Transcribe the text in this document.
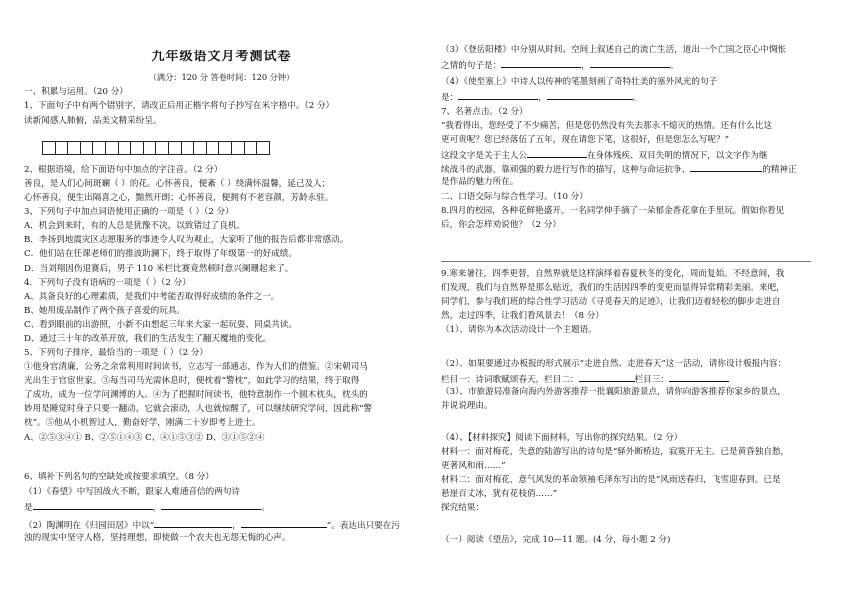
九年级语文月考测试卷
（满分：120 分 答卷时间：120 分钟）
一、积累与运用。（20 分）
1、下面句子中有两个错别字，请改正后用正楷字将句子抄写在米字格中。（2 分）
读新闻感人肺俯，品美文精采纷呈。
2、根据语境，给下面语句中加点的字注音。（2 分）
善良，是人们心间斑斓（ ）的花。心怀善良，便紊（ ）绕满怀温馨，延己及人；
心怀善良，便生出隔喜之心，黯然开朗；心怀善良，便拥有不老容颜，芳龄永驻。
3、下列句子中加点词语使用正确的一项是（ ）（2 分）
A．机会到来时，有的人总是犹豫不决，以致错过了良机。
B．李扬到地震灾区志愿服务的事迹令人叹为观止，大家听了他的报告后都非常感动。
C．他们站在任课老师们的推波助澜下，终于取得了年级第一的好成绩。
D．当刘翔因伤退赛后，男子 110 米栏比赛竟然顿时意兴阑珊起来了。
4．下列句子没有语病的一项是（ ）（2 分）
A、具备良好的心理素质，是我们中考能否取得好成绩的条件之一。
B、她用废品制作了两个孩子喜爱的玩具。
C、看到眼前的出游照，小新不由想起三年来大家一起玩耍、同桌共读。
D、通过三十年的改革开放，我们的生活发生了翻天覆地的变化。
5、下列句子排序，最恰当的一项是（ ）（2 分）
①他身官清廉，公务之余常利用时间读书，立志写一部通志，作为人们的借鉴。②宋朝司马
光出生于官宦世家。③每当司马光需休息时，便枕着“警枕”，如此学习的结果，终于取得
了成功，成为一位学问渊博的人。④为了把握时间读书，他特意制作一个圆木枕头，枕头的
妙用是睡觉时身子只要一翻动，它就会滚动，人也就惊醒了，可以继续研究学问，因此称“警
枕”。⑤他从小机智过人，勤奋好学，刚满二十岁即考上进士。
A、②⑤③④① B、②⑤①④③ C、④①⑤③② D、③①⑤②④
6、填补下列名句的空缺处或按要求填空。（8 分）
（1）《春望》中写因战火不断，跟家人难通音信的两句诗
是	，	。
（2）陶渊明在《归园田居》中以“	，	”。表达出只要在污
浊的现实中坚守人格，坚持理想，即使做一个农夫也无怨无悔的心声。
（3）《登岳阳楼》中分别从时间、空间上叙述自己的流亡生活，道出一个亡国之臣心中惆怅
之情的句子是：	，	。
（4）《使至塞上》中诗人以传神的笔墨刻画了奇特壮美的塞外风光的句子
是：	，	。
7、名著点击。（2 分）
“我看得出，您经受了不少痛苦，但是您仍然没有失去那永不熄灭的热情。还有什么比这
更可贵呢？您已经落伍了五年，现在请您下笔，这很好，但是您怎么写呢？”
这段文字是关于主人公	在身体残疾、双目失明的情况下，以文字作为继
续战斗的武器，靠顽强的毅力进行写作的描写，这种与命运抗争、	的精神正
是作品的魅力所在。
二、口语交际与综合性学习。（10 分）
8.四月的校园，各种花鲜艳盛开。一名同学伸手摘了一朵郁金香花拿在手里玩。假如你看见
后，你会怎样劝说他？（2 分）
9.寒来暑往，四季更替，自然界就是这样演绎着春夏秋冬的变化，周而复始。不经意间，我
们发现，我们与自然界是那么贴近，我们的生活因四季的变更而显得异常精彩美丽。来吧，
同学们，参与我们班的综合性学习活动《寻觅春天的足迹》，让我们迈着轻松的脚步走进自
然，走过四季，让我们看风景去！（8 分）
（1）、请你为本次活动设计一个主题语。
（2）、如果要通过办板报的形式展示“走进自然、走进春天”这一活动，请你设计板报内容：
栏目一：诗词歌赋颂春天。栏目二：	栏目三：
（3）、市旅游局准备向海内外游客推荐一批襄阳旅游景点，请你向游客推荐你家乡的景点，
并说说理由。
（4）、【材料探究】阅读下面材料，写出你的探究结果。（2 分）
材料一：面对梅花，失意的陆游写出的诗句是“驿外断桥边，寂寞开无主。已是黄昏独自愁，
更著风和雨……”
材料二：面对梅花，意气风发的革命领袖毛泽东写出的是“风雨送春归，飞雪迎春到。已是
悬崖百丈冰，犹有花枝俏……”
探究结果：
（一）阅读《望岳》，完成 10—11 题。(4 分，每小题 2 分)
